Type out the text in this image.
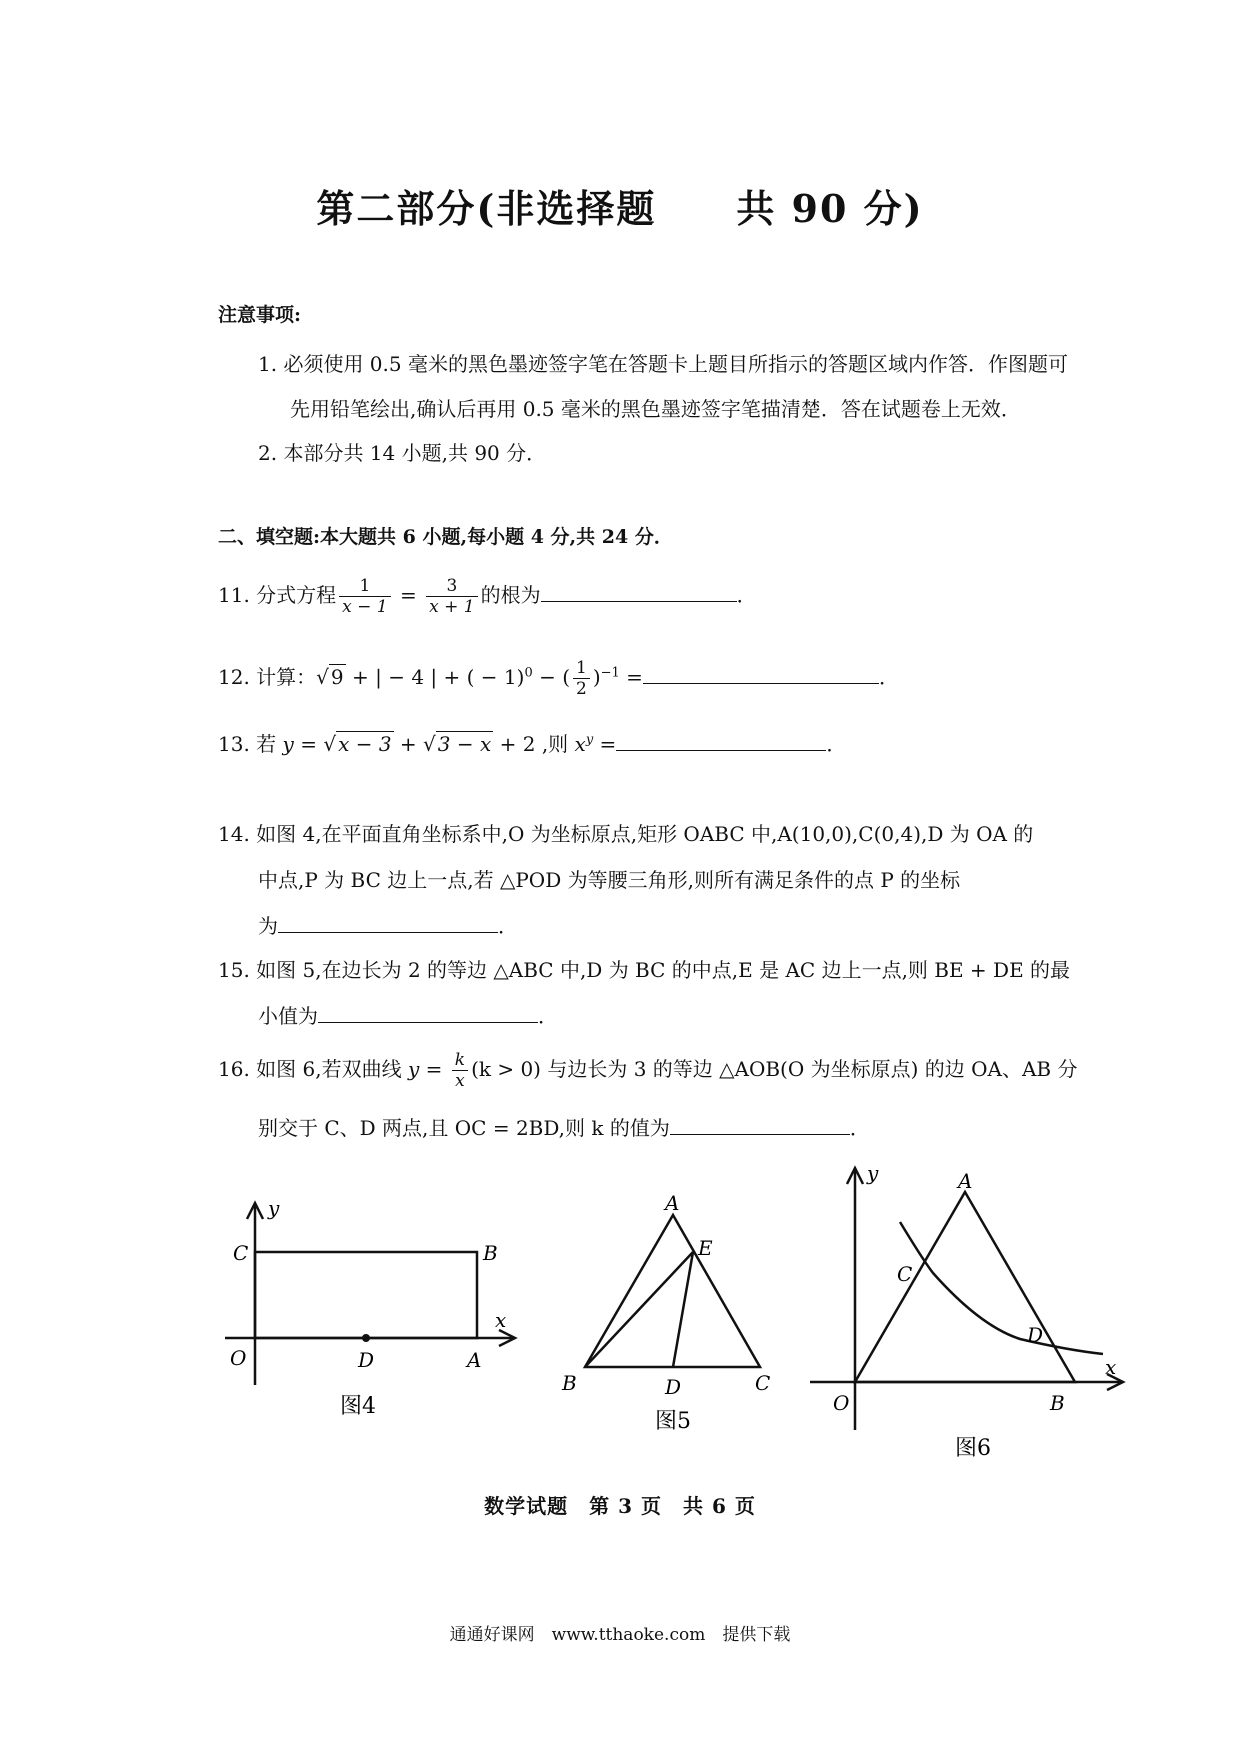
第二部分(非选择题　　共 90 分)
注意事项:
1. 必须使用 0.5 毫米的黑色墨迹签字笔在答题卡上题目所指示的答题区域内作答．作图题可
先用铅笔绘出,确认后再用 0.5 毫米的黑色墨迹签字笔描清楚．答在试题卷上无效．
2. 本部分共 14 小题,共 90 分．
二、填空题:本大题共 6 小题,每小题 4 分,共 24 分．
11. 分式方程 $\frac{1}{x - 1} = \frac{3}{x + 1}$ 的根为	．
12. 计算：√ 9 + | − 4 | + ( − 1)$^0$ − ( $\frac{1}{2} )^{-1}$ =	．
13. 若 y = √ x − 3 + √ 3 − x + 2 ,则 $x^y$ =	．
14. 如图 4,在平面直角坐标系中,O 为坐标原点,矩形 OABC 中,A(10,0),C(0,4),D 为 OA 的
中点,P 为 BC 边上一点,若 △POD 为等腰三角形,则所有满足条件的点 P 的坐标
为	．
15. 如图 5,在边长为 2 的等边 △ABC 中,D 为 BC 的中点,E 是 AC 边上一点,则 BE + DE 的最
小值为	．
16. 如图 6,若双曲线 $y = \frac{k}{x} (k > 0)$ 与边长为 3 的等边 △AOB(O 为坐标原点) 的边 OA、AB 分
别交于 C、D 两点,且 OC = 2BD,则 k 的值为	．
y
C	B
x
O	D	A
图4
A
E
B	D	C
图5
y	A
C
D
x
O	B
图6
数学试题　第 3 页　共 6 页
通通好课网　www.tthaoke.com　提供下载
